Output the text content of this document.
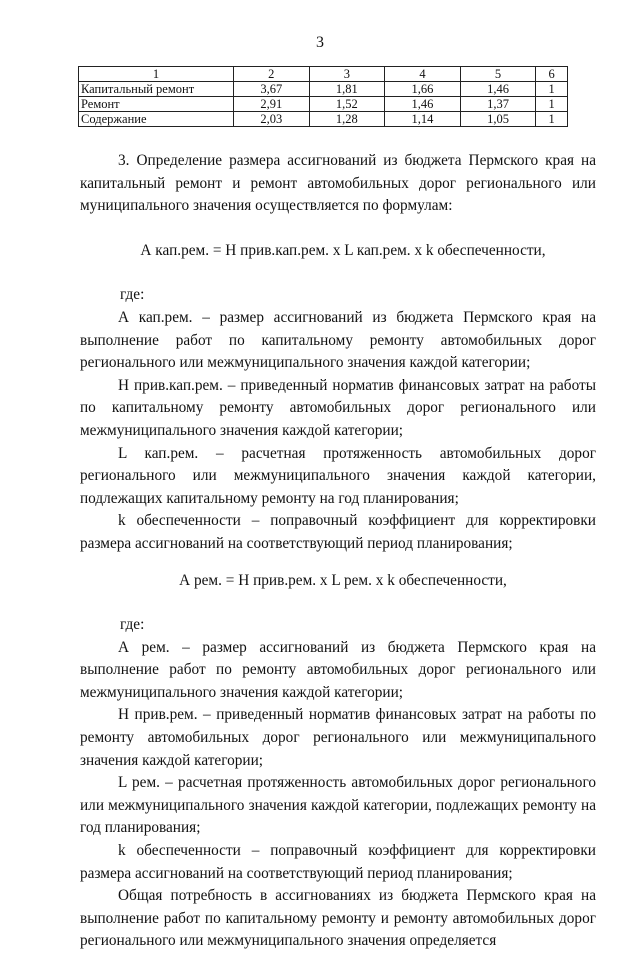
3
1	2	3	4	5	6
Капитальный ремонт	3,67	1,81	1,66	1,46	1
Ремонт	2,91	1,52	1,46	1,37	1
Содержание	2,03	1,28	1,14	1,05	1
3. Определение размера ассигнований из бюджета Пермского края на капитальный ремонт и ремонт автомобильных дорог регионального или муниципального значения осуществляется по формулам:
А кап.рем. = Н прив.кап.рем. х L кап.рем. х k обеспеченности,
где:
А кап.рем. – размер ассигнований из бюджета Пермского края на выполнение работ по капитальному ремонту автомобильных дорог регионального или межмуниципального значения каждой категории;
Н прив.кап.рем. – приведенный норматив финансовых затрат на работы по капитальному ремонту автомобильных дорог регионального или межмуниципального значения каждой категории;
L кап.рем. – расчетная протяженность автомобильных дорог регионального или межмуниципального значения каждой категории, подлежащих капитальному ремонту на год планирования;
k обеспеченности – поправочный коэффициент для корректировки размера ассигнований на соответствующий период планирования;
А рем. = Н прив.рем. х L рем. х k обеспеченности,
где:
А рем. – размер ассигнований из бюджета Пермского края на выполнение работ по ремонту автомобильных дорог регионального или межмуниципального значения каждой категории;
Н прив.рем. – приведенный норматив финансовых затрат на работы по ремонту автомобильных дорог регионального или межмуниципального значения каждой категории;
L рем. – расчетная протяженность автомобильных дорог регионального или межмуниципального значения каждой категории, подлежащих ремонту на год планирования;
k обеспеченности – поправочный коэффициент для корректировки размера ассигнований на соответствующий период планирования;
Общая потребность в ассигнованиях из бюджета Пермского края на выполнение работ по капитальному ремонту и ремонту автомобильных дорог регионального или межмуниципального значения определяется
